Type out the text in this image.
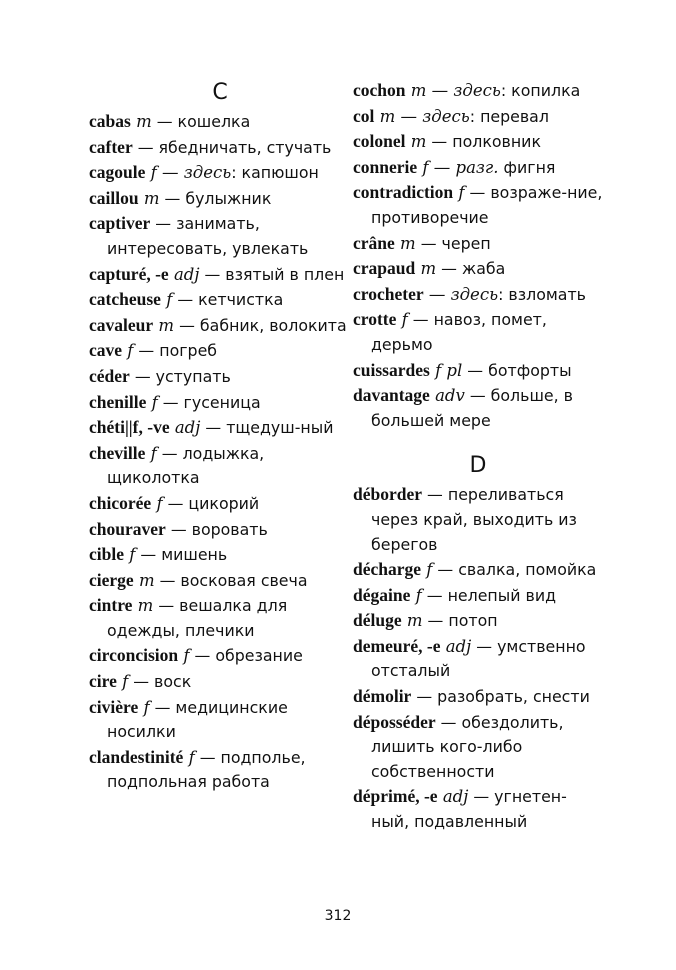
C

cabas m — кошелка

cafter — ябедничать, стучать

cagoule f — здесь: капюшон

caillou m — булыжник

captiver — занимать, интересовать, увлекать

capturé, -e adj — взятый в плен

catcheuse f — кетчистка

cavaleur m — бабник, волокита

cave f — погреб

céder — уступать

chenille f — гусеница

chéti||f, -ve adj — тщедуш-ный

cheville f — лодыжка, щиколотка

chicorée f — цикорий

chouraver — воровать

cible f — мишень

cierge m — восковая свеча

cintre m — вешалка для одежды, плечики

circoncision f — обрезание

cire f — воск

civière f — медицинские носилки

clandestinité f — подполье, подпольная работа

cochon m — здесь: копилка

col m — здесь: перевал

colonel m — полковник

connerie f — разг. фигня

contradiction f — возраже-ние, противоречие

crâne m — череп

crapaud m — жаба

crocheter — здесь: взломать

crotte f — навоз, помет, дерьмо

cuissardes f pl — ботфорты

davantage adv — больше, в большей мере

D

déborder — переливаться через край, выходить из берегов

décharge f — свалка, помойка

dégaine f — нелепый вид

déluge m — потоп

demeuré, -e adj — умственно отсталый

démolir — разобрать, снести

déposséder — обездолить, лишить кого-либо собственности

déprimé, -e adj — угнетен-ный, подавленный

312
